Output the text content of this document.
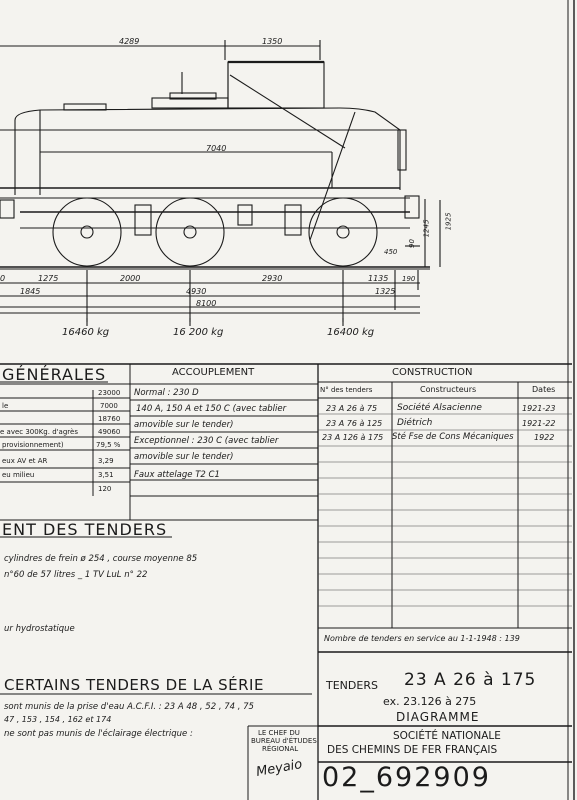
4289	1350
7040
0	1275	2000	2930	1135 190
1845	4930	1325
8100
450
90
1245 1925
16460 kg	16 200 kg	16400 kg
GÉNÉRALES
23000
le	7000
18760
e avec 300Kg. d'agrès	49060
provisionnement)	79,5 %
eux AV et AR	3,29
eu milieu	3,51
120
ACCOUPLEMENT
Normal : 230 D
140 A, 150 A et 150 C (avec tablier
amovible sur le tender)
Exceptionnel : 230 C (avec tablier
amovible sur le tender)
Faux attelage T2 C1
CONSTRUCTION
N° des tenders	Constructeurs	Dates
23 A 26 à 75 Société Alsacienne	1921-23
23 A 76 à 125 Diétrich	1921-22
23 A 126 à 175 Sté Fse de Cons Mécaniques	1922
Nombre de tenders en service au 1-1-1948 : 139
ENT DES TENDERS
cylindres de frein ø 254 , course moyenne 85
n°60 de 57 litres _ 1 TV LuL n° 22
ur hydrostatique
CERTAINS TENDERS DE LA SÉRIE
sont munis de la prise d'eau A.C.F.I. : 23 A 48 , 52 , 74 , 75
47 , 153 , 154 , 162 et 174
ne sont pas munis de l'éclairage électrique :	LE CHEF DU
BUREAU d'ÉTUDES
RÉGIONAL
Meyaio
TENDERS 23 A 26 à 175
ex. 23.126 à 275
DIAGRAMME
SOCIÉTÉ NATIONALE
DES CHEMINS DE FER FRANÇAIS
02_692909
